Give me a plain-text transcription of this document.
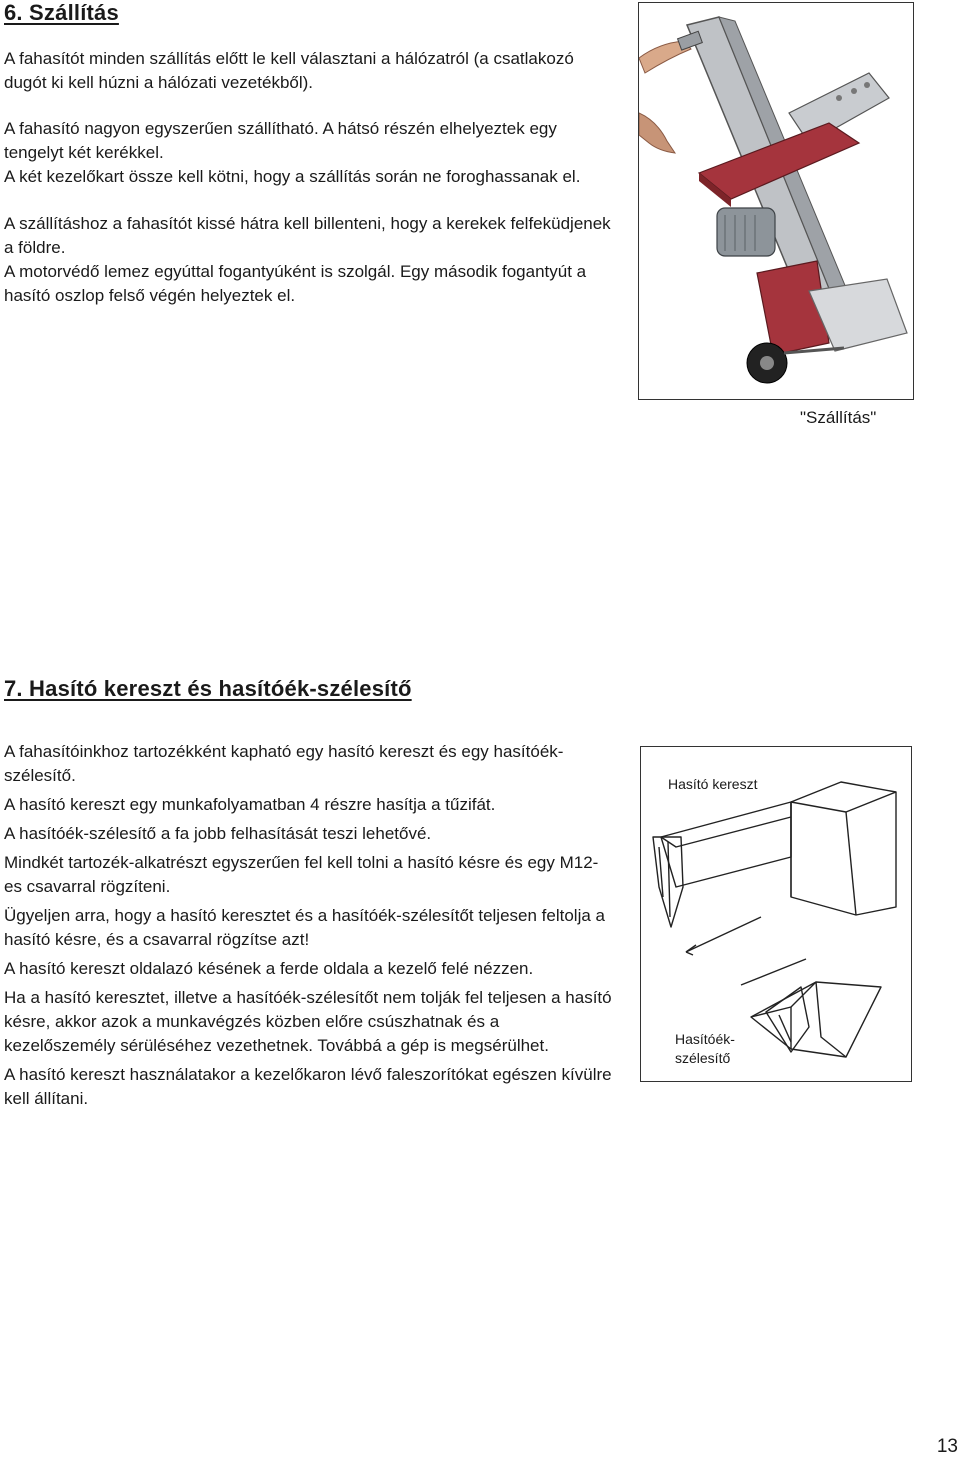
6. Szállítás

A fahasítót minden szállítás előtt le kell választani a hálózatról (a csatlakozó dugót ki kell húzni a hálózati vezetékből).

A fahasító nagyon egyszerűen szállítható. A hátsó részén elhelyeztek egy tengelyt két kerékkel.

A két kezelőkart össze kell kötni, hogy a szállítás során ne foroghassanak el.

A szállításhoz a fahasítót kissé hátra kell billenteni, hogy a kerekek felfeküdjenek a földre.

A motorvédő lemez egyúttal fogantyúként is szolgál. Egy második fogantyút a hasító oszlop felső végén helyeztek el.

"Szállítás"
7. Hasító kereszt és hasítóék-szélesítő

A fahasítóinkhoz tartozékként kapható egy hasító kereszt és egy hasítóék-szélesítő.

A hasító kereszt egy munkafolyamatban 4 részre hasítja a tűzifát.

A hasítóék-szélesítő a fa jobb felhasítását teszi lehetővé.

Mindkét tartozék-alkatrészt egyszerűen fel kell tolni a hasító késre és egy M12-es csavarral rögzíteni.

Ügyeljen arra, hogy a hasító keresztet és a hasítóék-szélesítőt teljesen feltolja a hasító késre, és a csavarral rögzítse azt!

A hasító kereszt oldalazó késének a ferde oldala a kezelő felé nézzen.

Ha a hasító keresztet, illetve a hasítóék-szélesítőt nem tolják fel teljesen a hasító késre, akkor azok a munkavégzés közben előre csúszhatnak és a kezelőszemély sérüléséhez vezethetnek. Továbbá a gép is megsérülhet.

A hasító kereszt használatakor a kezelőkaron lévő faleszorítókat egészen kívülre kell állítani.

Hasító kereszt
Hasítóék-
szélesítő
13
